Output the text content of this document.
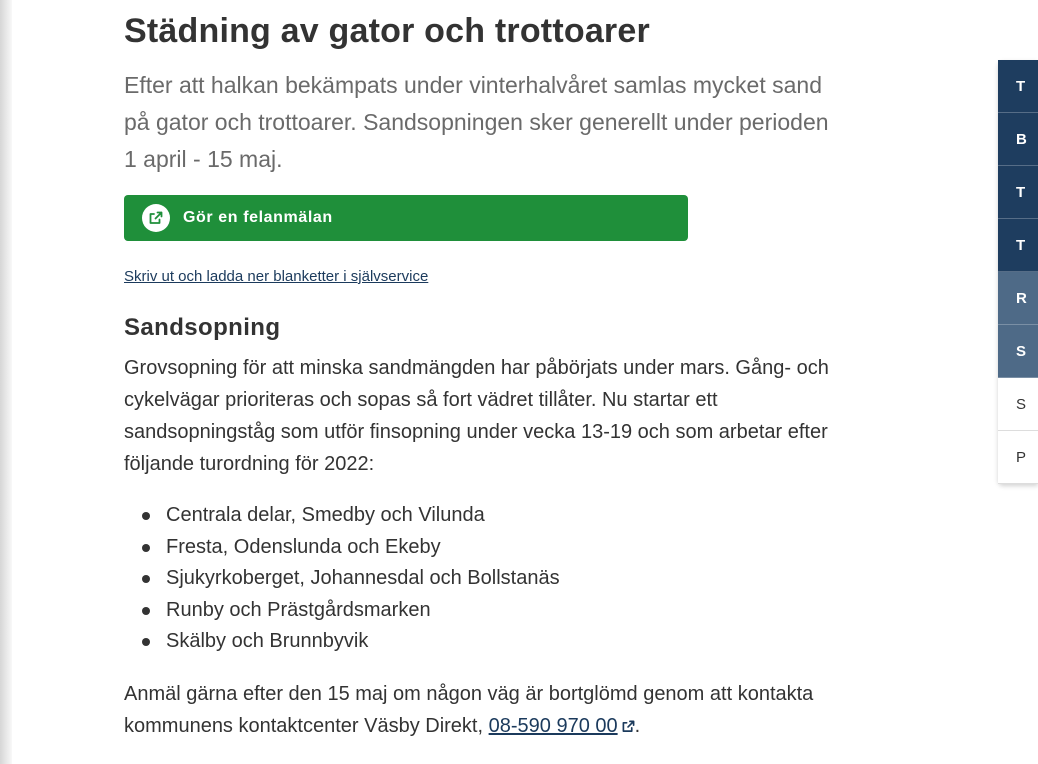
Städning av gator och trottoarer

Efter att halkan bekämpats under vinterhalvåret samlas mycket sand på gator och trottoarer. Sandsopningen sker generellt under perioden 1 april - 15 maj.

Gör en felanmälan
Skriv ut och ladda ner blanketter i självservice
Sandsopning

Grovsopning för att minska sandmängden har påbörjats under mars. Gång- och cykelvägar prioriteras och sopas så fort vädret tillåter. Nu startar ett sandsopningståg som utför finsopning under vecka 13-19 och som arbetar efter följande turordning för 2022:

Centrala delar, Smedby och Vilunda
Fresta, Odenslunda och Ekeby
Sjukyrkoberget, Johannesdal och Bollstanäs
Runby och Prästgårdsmarken
Skälby och Brunnbyvik

Anmäl gärna efter den 15 maj om någon väg är bortglömd genom att kontakta kommunens kontaktcenter Väsby Direkt, 08-590 970 00 .

T
B
T
T
R
S
S
P
